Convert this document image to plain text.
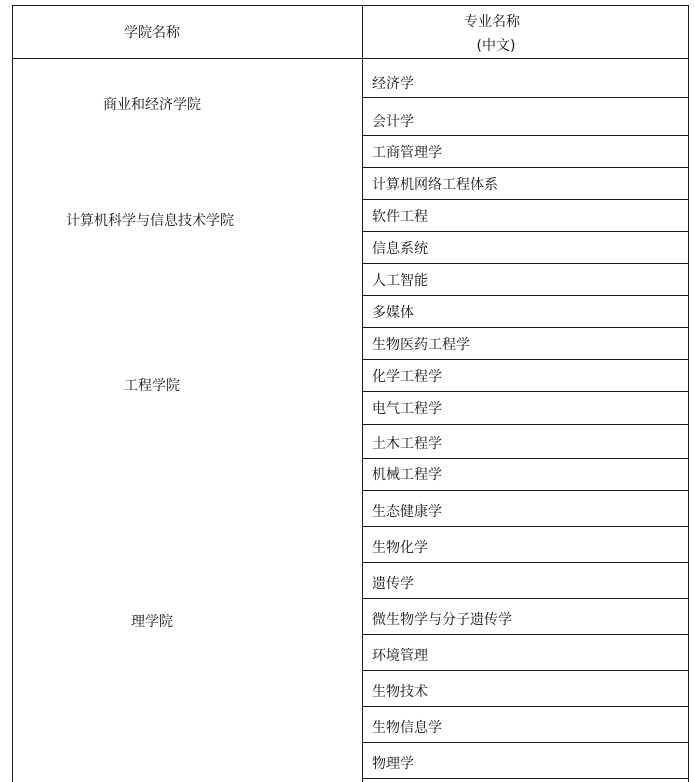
学院名称
专业名称
(中文)
商业和经济学院
计算机科学与信息技术学院
工程学院
理学院
经济学
会计学
工商管理学
计算机网络工程体系
软件工程
信息系统
人工智能
多媒体
生物医药工程学
化学工程学
电气工程学
土木工程学
机械工程学
生态健康学
生物化学
遗传学
微生物学与分子遗传学
环境管理
生物技术
生物信息学
物理学
